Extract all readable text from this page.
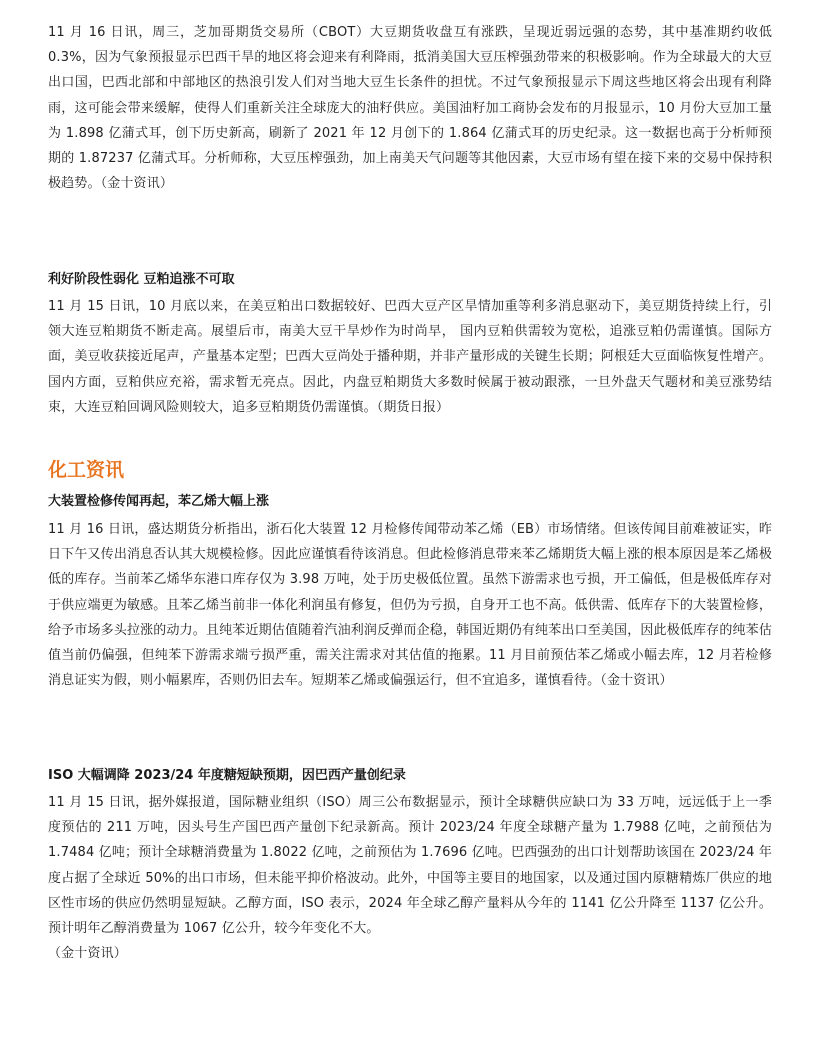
11 月 16 日讯，周三，芝加哥期货交易所（CBOT）大豆期货收盘互有涨跌，呈现近弱远强的态势，其中基准期约收低 0.3%，因为气象预报显示巴西干旱的地区将会迎来有利降雨，抵消美国大豆压榨强劲带来的积极影响。作为全球最大的大豆出口国，巴西北部和中部地区的热浪引发人们对当地大豆生长条件的担忧。不过气象预报显示下周这些地区将会出现有利降雨，这可能会带来缓解，使得人们重新关注全球庞大的油籽供应。美国油籽加工商协会发布的月报显示，10 月份大豆加工量为 1.898 亿蒲式耳，创下历史新高，刷新了 2021 年 12 月创下的 1.864 亿蒲式耳的历史纪录。这一数据也高于分析师预期的 1.87237 亿蒲式耳。分析师称，大豆压榨强劲，加上南美天气问题等其他因素，大豆市场有望在接下来的交易中保持积极趋势。（金十资讯）

利好阶段性弱化 豆粕追涨不可取

11 月 15 日讯，10 月底以来，在美豆粕出口数据较好、巴西大豆产区旱情加重等利多消息驱动下，美豆期货持续上行，引领大连豆粕期货不断走高。展望后市，南美大豆干旱炒作为时尚早， 国内豆粕供需较为宽松，追涨豆粕仍需谨慎。国际方面，美豆收获接近尾声，产量基本定型；巴西大豆尚处于播种期，并非产量形成的关键生长期；阿根廷大豆面临恢复性增产。国内方面，豆粕供应充裕，需求暂无亮点。因此，内盘豆粕期货大多数时候属于被动跟涨，一旦外盘天气题材和美豆涨势结束，大连豆粕回调风险则较大，追多豆粕期货仍需谨慎。（期货日报）

化工资讯

大装置检修传闻再起，苯乙烯大幅上涨

11 月 16 日讯，盛达期货分析指出，浙石化大装置 12 月检修传闻带动苯乙烯（EB）市场情绪。但该传闻目前难被证实，昨日下午又传出消息否认其大规模检修。因此应谨慎看待该消息。但此检修消息带来苯乙烯期货大幅上涨的根本原因是苯乙烯极低的库存。当前苯乙烯华东港口库存仅为 3.98 万吨，处于历史极低位置。虽然下游需求也亏损，开工偏低，但是极低库存对于供应端更为敏感。且苯乙烯当前非一体化利润虽有修复，但仍为亏损，自身开工也不高。低供需、低库存下的大装置检修，给予市场多头拉涨的动力。且纯苯近期估值随着汽油利润反弹而企稳，韩国近期仍有纯苯出口至美国，因此极低库存的纯苯估值当前仍偏强，但纯苯下游需求端亏损严重，需关注需求对其估值的拖累。11 月目前预估苯乙烯或小幅去库，12 月若检修消息证实为假，则小幅累库，否则仍旧去车。短期苯乙烯或偏强运行，但不宜追多，谨慎看待。（金十资讯）

ISO 大幅调降 2023/24 年度糖短缺预期，因巴西产量创纪录

11 月 15 日讯，据外媒报道，国际糖业组织（ISO）周三公布数据显示，预计全球糖供应缺口为 33 万吨，远远低于上一季度预估的 211 万吨，因头号生产国巴西产量创下纪录新高。预计 2023/24 年度全球糖产量为 1.7988 亿吨，之前预估为 1.7484 亿吨；预计全球糖消费量为 1.8022 亿吨，之前预估为 1.7696 亿吨。巴西强劲的出口计划帮助该国在 2023/24 年度占据了全球近 50%的出口市场，但未能平抑价格波动。此外，中国等主要目的地国家，以及通过国内原糖精炼厂供应的地区性市场的供应仍然明显短缺。乙醇方面，ISO 表示，2024 年全球乙醇产量料从今年的 1141 亿公升降至 1137 亿公升。预计明年乙醇消费量为 1067 亿公升，较今年变化不大。

（金十资讯）
